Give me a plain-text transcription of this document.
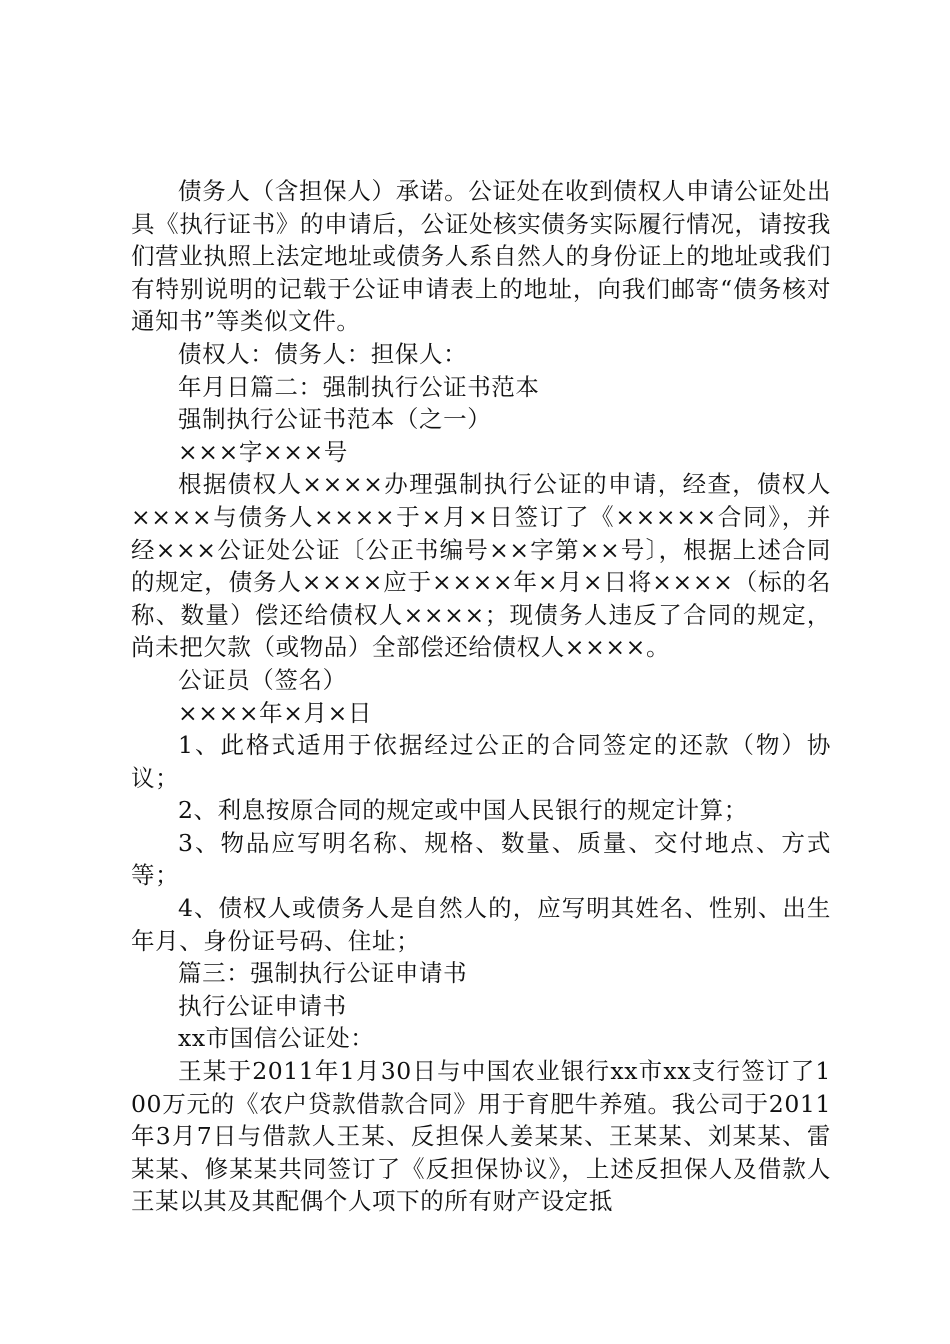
债务人（含担保人）承诺。公证处在收到债权人申请公证处出具《执行证书》的申请后，公证处核实债务实际履行情况，请按我们营业执照上法定地址或债务人系自然人的身份证上的地址或我们有特别说明的记载于公证申请表上的地址，向我们邮寄“债务核对通知书”等类似文件。

债权人：债务人：担保人：

年月日篇二：强制执行公证书范本

强制执行公证书范本（之一）

×××字×××号

根据债权人××××办理强制执行公证的申请，经查，债权人××××与债务人××××于×月×日签订了《×××××合同》，并经×××公证处公证〔公正书编号××字第××号〕，根据上述合同的规定，债务人××××应于××××年×月×日将××××（标的名称、数量）偿还给债权人××××；现债务人违反了合同的规定，尚未把欠款（或物品）全部偿还给债权人××××。

公证员（签名）

××××年×月×日

1、此格式适用于依据经过公正的合同签定的还款（物）协议；

2、利息按原合同的规定或中国人民银行的规定计算；

3、物品应写明名称、规格、数量、质量、交付地点、方式等；

4、债权人或债务人是自然人的，应写明其姓名、性别、出生年月、身份证号码、住址；

篇三：强制执行公证申请书

执行公证申请书

xx市国信公证处：

王某于2011年1月30日与中国农业银行xx市xx支行签订了100万元的《农户贷款借款合同》用于育肥牛养殖。我公司于2011年3月7日与借款人王某、反担保人姜某某、王某某、刘某某、雷某某、修某某共同签订了《反担保协议》，上述反担保人及借款人王某以其及其配偶个人项下的所有财产设定抵
